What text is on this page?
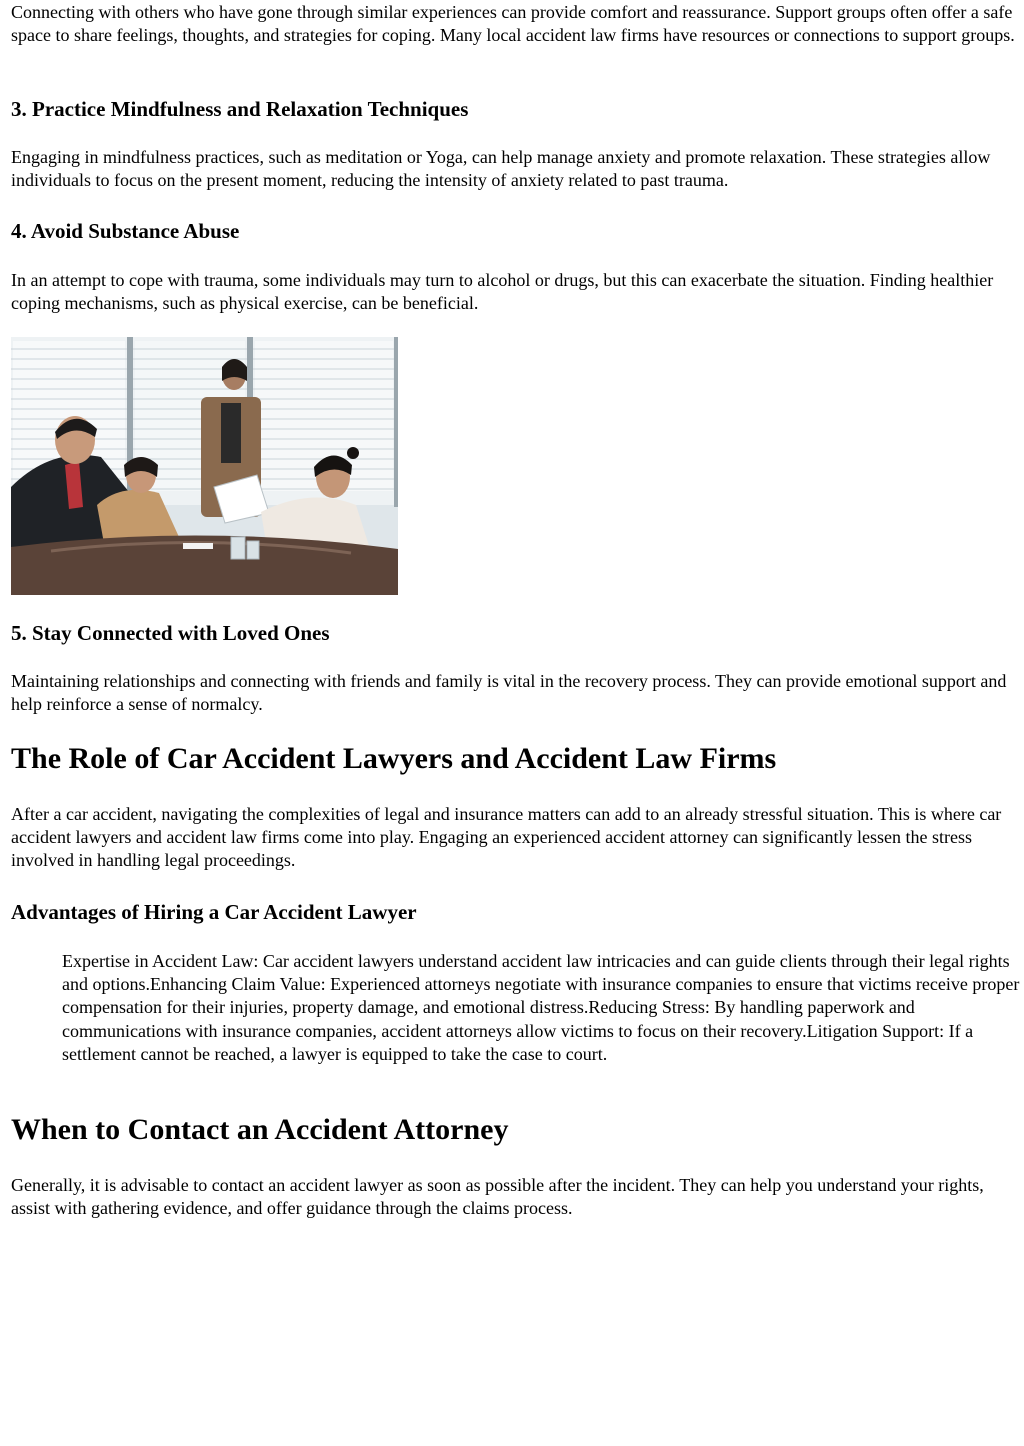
Connecting with others who have gone through similar experiences can provide comfort and reassurance. Support groups often offer a safe space to share feelings, thoughts, and strategies for coping. Many local accident law firms have resources or connections to support groups.

3. Practice Mindfulness and Relaxation Techniques

Engaging in mindfulness practices, such as meditation or Yoga, can help manage anxiety and promote relaxation. These strategies allow individuals to focus on the present moment, reducing the intensity of anxiety related to past trauma.

4. Avoid Substance Abuse

In an attempt to cope with trauma, some individuals may turn to alcohol or drugs, but this can exacerbate the situation. Finding healthier coping mechanisms, such as physical exercise, can be beneficial.

5. Stay Connected with Loved Ones

Maintaining relationships and connecting with friends and family is vital in the recovery process. They can provide emotional support and help reinforce a sense of normalcy.

The Role of Car Accident Lawyers and Accident Law Firms

After a car accident, navigating the complexities of legal and insurance matters can add to an already stressful situation. This is where car accident lawyers and accident law firms come into play. Engaging an experienced accident attorney can significantly lessen the stress involved in handling legal proceedings.

Advantages of Hiring a Car Accident Lawyer
Expertise in Accident Law: Car accident lawyers understand accident law intricacies and can guide clients through their legal rights and options.Enhancing Claim Value: Experienced attorneys negotiate with insurance companies to ensure that victims receive proper compensation for their injuries, property damage, and emotional distress.Reducing Stress: By handling paperwork and communications with insurance companies, accident attorneys allow victims to focus on their recovery.Litigation Support: If a settlement cannot be reached, a lawyer is equipped to take the case to court.
When to Contact an Accident Attorney

Generally, it is advisable to contact an accident lawyer as soon as possible after the incident. They can help you understand your rights, assist with gathering evidence, and offer guidance through the claims process.
